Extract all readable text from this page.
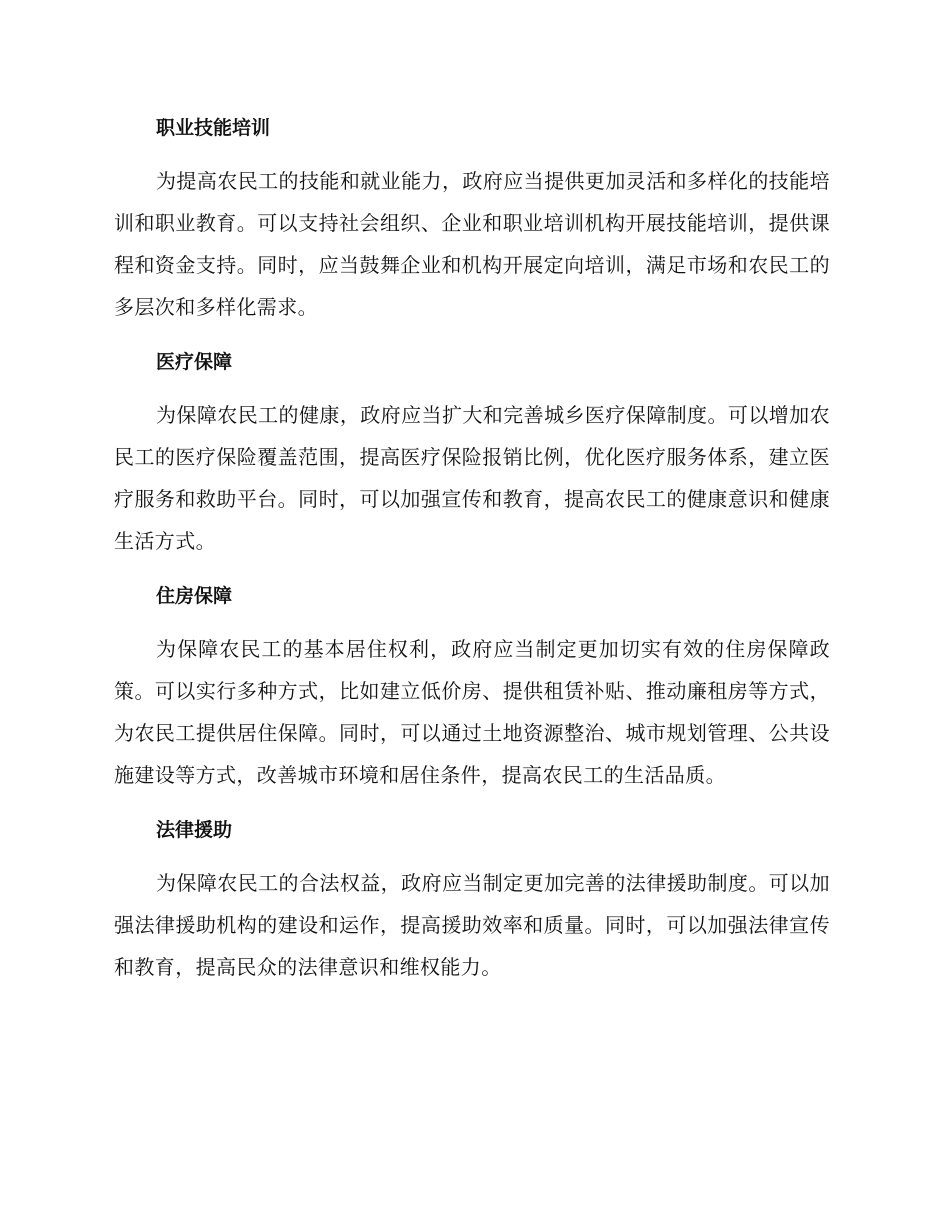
职业技能培训

为提高农民工的技能和就业能力，政府应当提供更加灵活和多样化的技能培训和职业教育。可以支持社会组织、企业和职业培训机构开展技能培训，提供课程和资金支持。同时，应当鼓舞企业和机构开展定向培训，满足市场和农民工的多层次和多样化需求。

医疗保障

为保障农民工的健康，政府应当扩大和完善城乡医疗保障制度。可以增加农民工的医疗保险覆盖范围，提高医疗保险报销比例，优化医疗服务体系，建立医疗服务和救助平台。同时，可以加强宣传和教育，提高农民工的健康意识和健康生活方式。

住房保障

为保障农民工的基本居住权利，政府应当制定更加切实有效的住房保障政策。可以实行多种方式，比如建立低价房、提供租赁补贴、推动廉租房等方式，为农民工提供居住保障。同时，可以通过土地资源整治、城市规划管理、公共设施建设等方式，改善城市环境和居住条件，提高农民工的生活品质。

法律援助

为保障农民工的合法权益，政府应当制定更加完善的法律援助制度。可以加强法律援助机构的建设和运作，提高援助效率和质量。同时，可以加强法律宣传和教育，提高民众的法律意识和维权能力。
